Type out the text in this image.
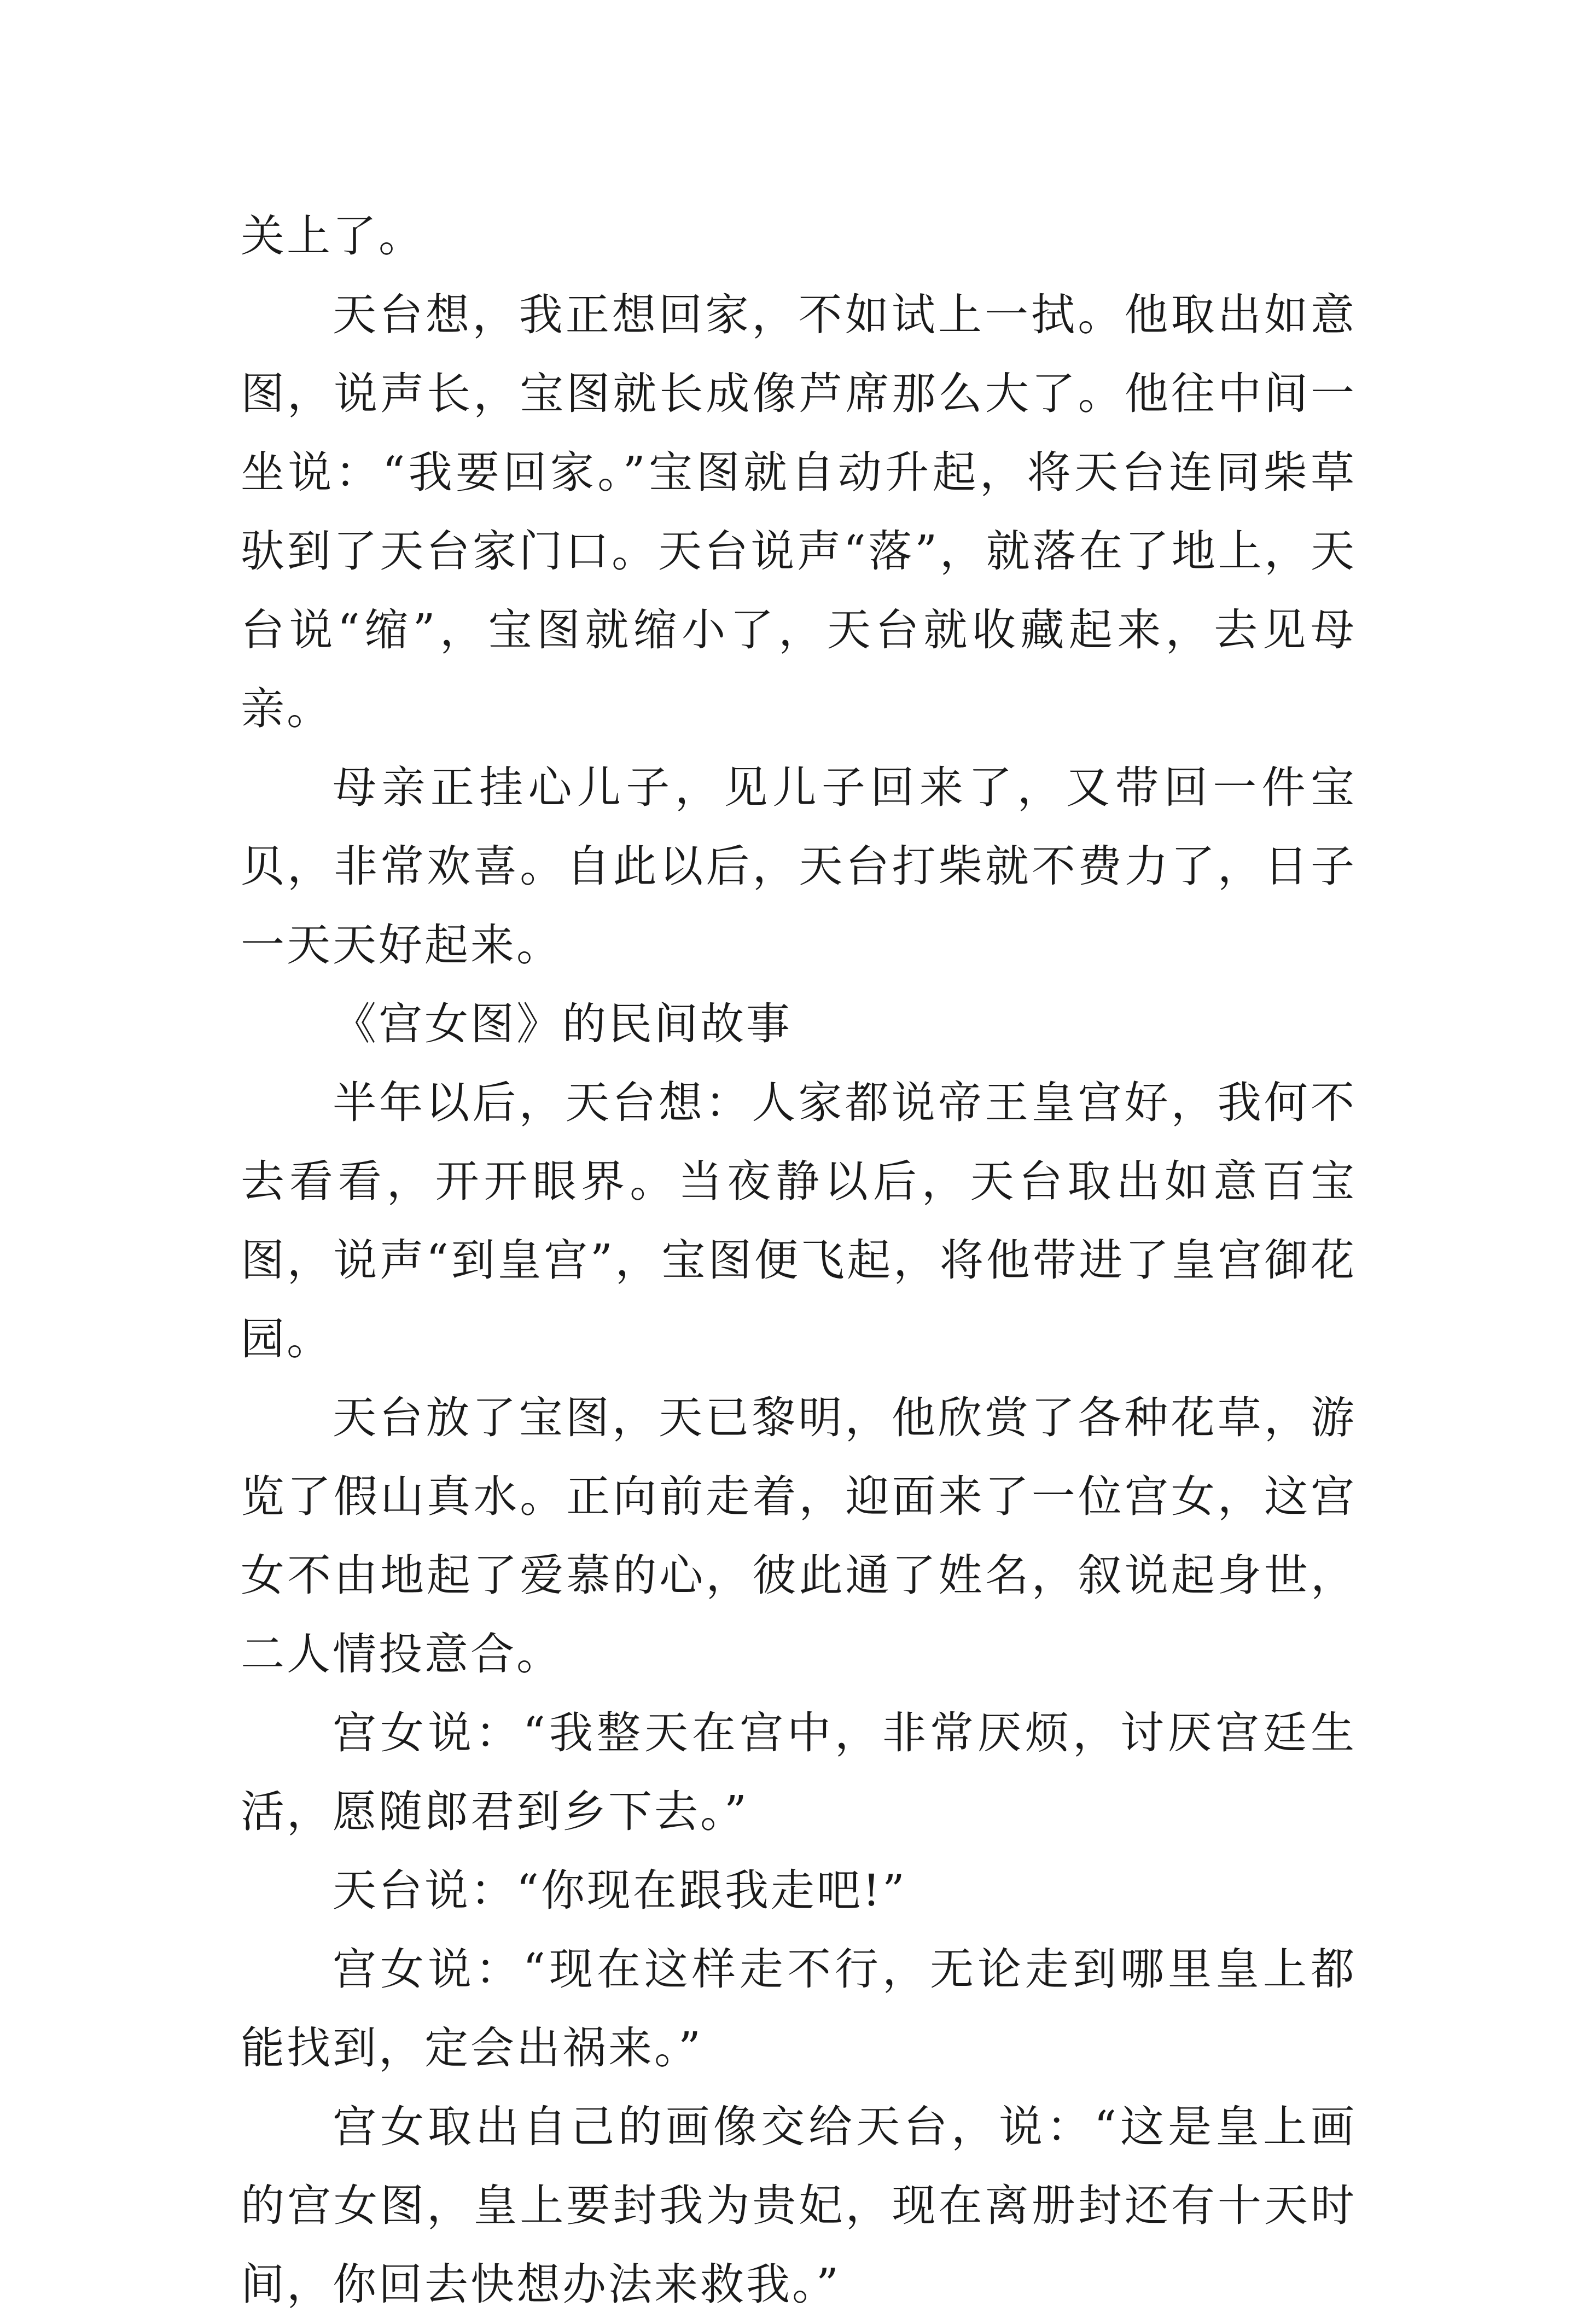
关上了。

天台想，我正想回家，不如试上一拭。他取出如意图，说声长，宝图就长成像芦席那么大了。他往中间一坐说：“我要回家。”宝图就自动升起，将天台连同柴草驮到了天台家门口。天台说声“落”，就落在了地上，天台说“缩”，宝图就缩小了，天台就收藏起来，去见母亲。

母亲正挂心儿子，见儿子回来了，又带回一件宝贝，非常欢喜。自此以后，天台打柴就不费力了，日子一天天好起来。

《宫女图》的民间故事

半年以后，天台想：人家都说帝王皇宫好，我何不去看看，开开眼界。当夜静以后，天台取出如意百宝图，说声“到皇宫”，宝图便飞起，将他带进了皇宫御花园。

天台放了宝图，天已黎明，他欣赏了各种花草，游览了假山真水。正向前走着，迎面来了一位宫女，这宫女不由地起了爱慕的心，彼此通了姓名，叙说起身世，二人情投意合。

宫女说：“我整天在宫中，非常厌烦，讨厌宫廷生活，愿随郎君到乡下去。”

天台说：“你现在跟我走吧!”

宫女说：“现在这样走不行，无论走到哪里皇上都能找到，定会出祸来。”

宫女取出自己的画像交给天台，说：“这是皇上画的宫女图，皇上要封我为贵妃，现在离册封还有十天时间，你回去快想办法来救我。”
